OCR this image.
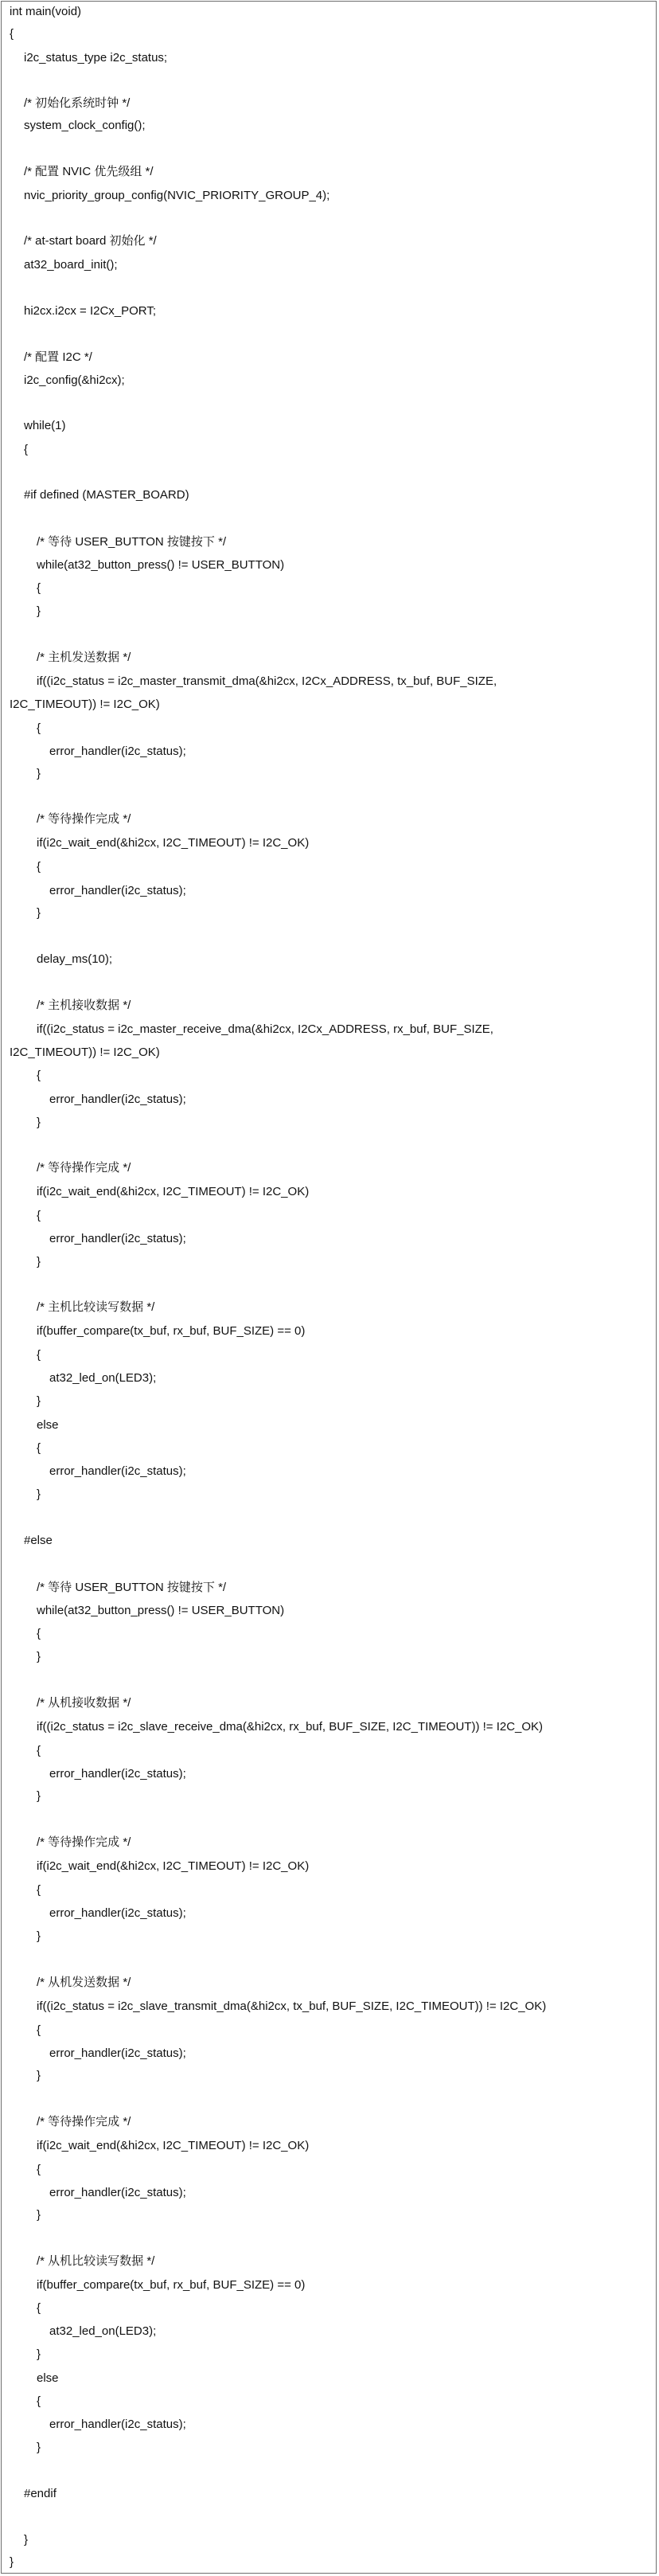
int main(void)
{
i2c_status_type i2c_status;
/* 初始化系统时钟 */
system_clock_config();
/* 配置 NVIC 优先级组 */
nvic_priority_group_config(NVIC_PRIORITY_GROUP_4);
/* at-start board 初始化 */
at32_board_init();
hi2cx.i2cx = I2Cx_PORT;
/* 配置 I2C */
i2c_config(&hi2cx);
while(1)
{
#if defined (MASTER_BOARD)
/* 等待 USER_BUTTON 按键按下 */
while(at32_button_press() != USER_BUTTON)
{
}
/* 主机发送数据 */
if((i2c_status = i2c_master_transmit_dma(&hi2cx, I2Cx_ADDRESS, tx_buf, BUF_SIZE,
I2C_TIMEOUT)) != I2C_OK)
{
error_handler(i2c_status);
}
/* 等待操作完成 */
if(i2c_wait_end(&hi2cx, I2C_TIMEOUT) != I2C_OK)
{
error_handler(i2c_status);
}
delay_ms(10);
/* 主机接收数据 */
if((i2c_status = i2c_master_receive_dma(&hi2cx, I2Cx_ADDRESS, rx_buf, BUF_SIZE,
I2C_TIMEOUT)) != I2C_OK)
{
error_handler(i2c_status);
}
/* 等待操作完成 */
if(i2c_wait_end(&hi2cx, I2C_TIMEOUT) != I2C_OK)
{
error_handler(i2c_status);
}
/* 主机比较读写数据 */
if(buffer_compare(tx_buf, rx_buf, BUF_SIZE) == 0)
{
at32_led_on(LED3);
}
else
{
error_handler(i2c_status);
}
#else
/* 等待 USER_BUTTON 按键按下 */
while(at32_button_press() != USER_BUTTON)
{
}
/* 从机接收数据 */
if((i2c_status = i2c_slave_receive_dma(&hi2cx, rx_buf, BUF_SIZE, I2C_TIMEOUT)) != I2C_OK)
{
error_handler(i2c_status);
}
/* 等待操作完成 */
if(i2c_wait_end(&hi2cx, I2C_TIMEOUT) != I2C_OK)
{
error_handler(i2c_status);
}
/* 从机发送数据 */
if((i2c_status = i2c_slave_transmit_dma(&hi2cx, tx_buf, BUF_SIZE, I2C_TIMEOUT)) != I2C_OK)
{
error_handler(i2c_status);
}
/* 等待操作完成 */
if(i2c_wait_end(&hi2cx, I2C_TIMEOUT) != I2C_OK)
{
error_handler(i2c_status);
}
/* 从机比较读写数据 */
if(buffer_compare(tx_buf, rx_buf, BUF_SIZE) == 0)
{
at32_led_on(LED3);
}
else
{
error_handler(i2c_status);
}
#endif
}
}
